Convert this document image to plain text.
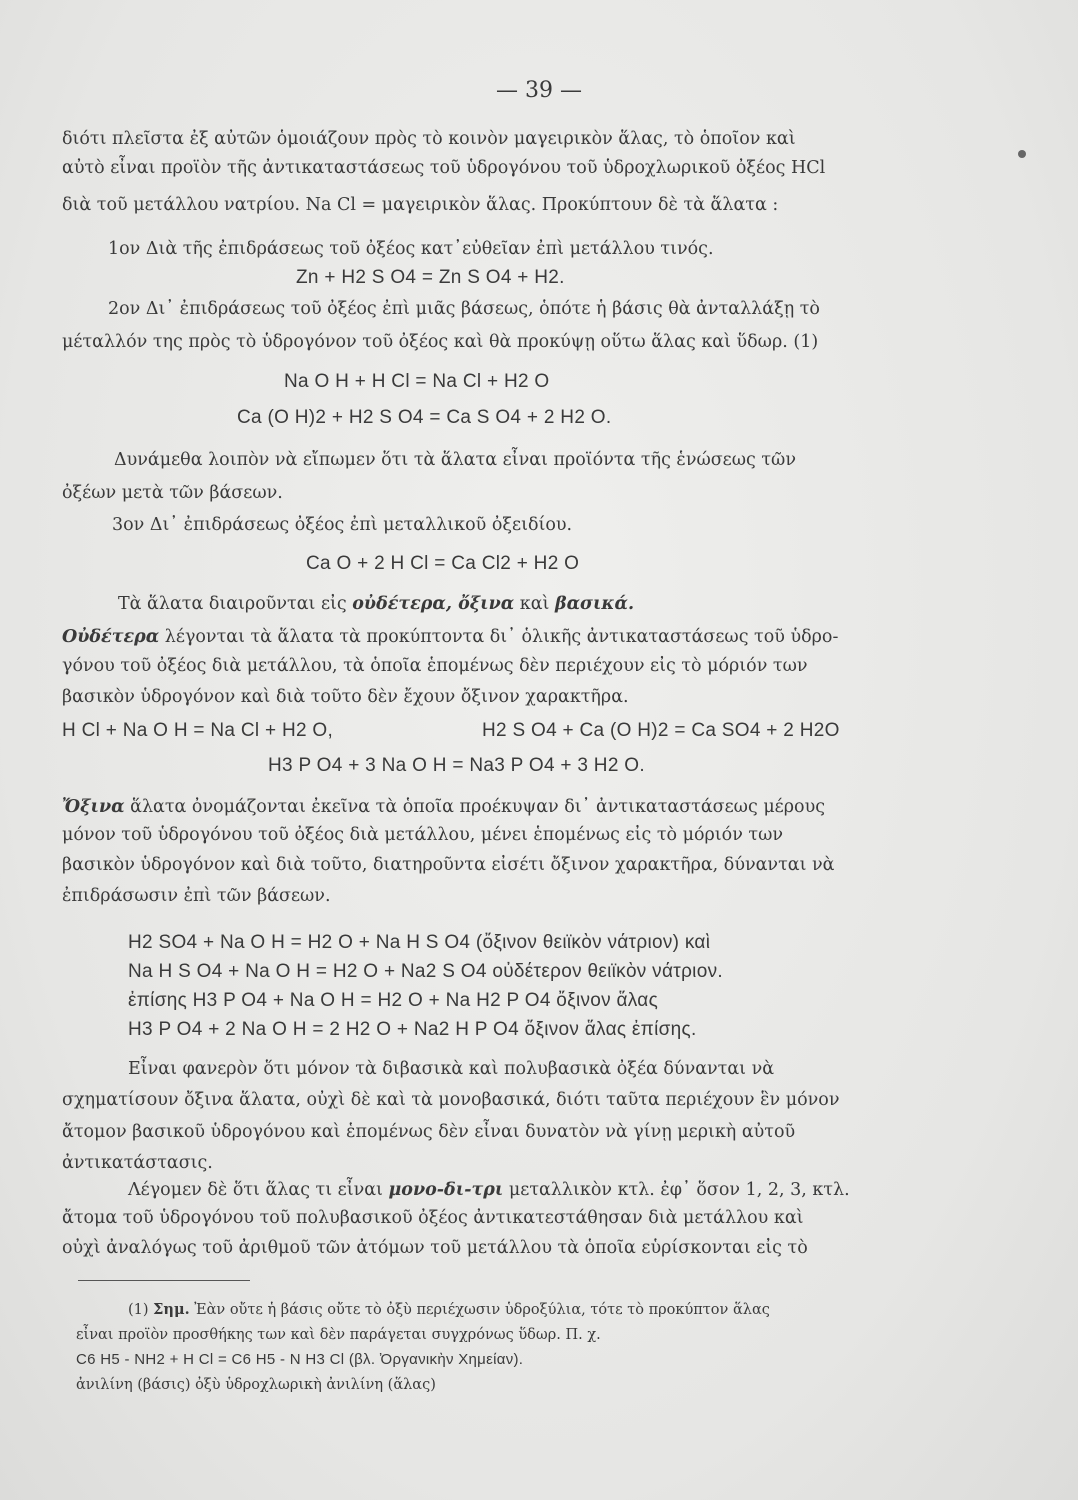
— 39 —
διότι πλεῖστα ἐξ αὐτῶν ὁμοιάζουν πρὸς τὸ κοινὸν μαγειρικὸν ἅλας, τὸ ὁποῖον καὶ
αὐτὸ εἶναι προϊὸν τῆς ἀντικαταστάσεως τοῦ ὑδρογόνου τοῦ ὑδροχλωρικοῦ ὀξέος HCl
διὰ τοῦ μετάλλου νατρίου. Na Cl = μαγειρικὸν ἅλας. Προκύπτουν δὲ τὰ ἅλατα :
1ον Διὰ τῆς ἐπιδράσεως τοῦ ὀξέος κατ᾽εὐθεῖαν ἐπὶ μετάλλου τινός.
Zn + H2 S O4 = Zn S O4 + H2.
2ον Δι᾽ ἐπιδράσεως τοῦ ὀξέος ἐπὶ μιᾶς βάσεως, ὁπότε ἡ βάσις θὰ ἀνταλλάξῃ τὸ
μέταλλόν της πρὸς τὸ ὑδρογόνον τοῦ ὀξέος καὶ θὰ προκύψῃ οὕτω ἅλας καὶ ὕδωρ. (1)
Na O H + H Cl = Na Cl + H2 O
Ca (O H)2 + H2 S O4 = Ca S O4 + 2 H2 O.
Δυνάμεθα λοιπὸν νὰ εἴπωμεν ὅτι τὰ ἅλατα εἶναι προϊόντα τῆς ἑνώσεως τῶν
ὀξέων μετὰ τῶν βάσεων.
3ον Δι᾽ ἐπιδράσεως ὀξέος ἐπὶ μεταλλικοῦ ὀξειδίου.
Ca O + 2 H Cl = Ca Cl2 + H2 O
Τὰ ἅλατα διαιροῦνται εἰς οὐδέτερα, ὄξινα καὶ βασικά.
Οὐδέτερα λέγονται τὰ ἅλατα τὰ προκύπτοντα δι᾽ ὁλικῆς ἀντικαταστάσεως τοῦ ὑδρο-
γόνου τοῦ ὀξέος διὰ μετάλλου, τὰ ὁποῖα ἑπομένως δὲν περιέχουν εἰς τὸ μόριόν των
βασικὸν ὑδρογόνον καὶ διὰ τοῦτο δὲν ἔχουν ὄξινον χαρακτῆρα.
H Cl + Na O H = Na Cl + H2 O,	H2 S O4 + Ca (O H)2 = Ca SO4 + 2 H2O
H3 P O4 + 3 Na O H = Na3 P O4 + 3 H2 O.
Ὄξινα ἅλατα ὀνομάζονται ἐκεῖνα τὰ ὁποῖα προέκυψαν δι᾽ ἀντικαταστάσεως μέρους
μόνον τοῦ ὑδρογόνου τοῦ ὀξέος διὰ μετάλλου, μένει ἑπομένως εἰς τὸ μόριόν των
βασικὸν ὑδρογόνον καὶ διὰ τοῦτο, διατηροῦντα εἰσέτι ὄξινον χαρακτῆρα, δύνανται νὰ
ἐπιδράσωσιν ἐπὶ τῶν βάσεων.
H2 SO4 + Na O H = H2 O + Na H S O4 (ὄξινον θειϊκὸν νάτριον) καὶ
Na H S O4 + Na O H = H2 O + Na2 S O4 οὐδέτερον θειϊκὸν νάτριον.
ἐπίσης H3 P O4 + Na O H = H2 O + Na H2 P O4 ὄξινον ἅλας
H3 P O4 + 2 Na O H = 2 H2 O + Na2 H P O4 ὄξινον ἅλας ἐπίσης.
Εἶναι φανερὸν ὅτι μόνον τὰ διβασικὰ καὶ πολυβασικὰ ὀξέα δύνανται νὰ
σχηματίσουν ὄξινα ἅλατα, οὐχὶ δὲ καὶ τὰ μονοβασικά, διότι ταῦτα περιέχουν ἓν μόνον
ἄτομον βασικοῦ ὑδρογόνου καὶ ἑπομένως δὲν εἶναι δυνατὸν νὰ γίνῃ μερικὴ αὐτοῦ
ἀντικατάστασις.
Λέγομεν δὲ ὅτι ἅλας τι εἶναι μονο-δι-τρι μεταλλικὸν κτλ. ἐφ᾽ ὅσον 1, 2, 3, κτλ.
ἄτομα τοῦ ὑδρογόνου τοῦ πολυβασικοῦ ὀξέος ἀντικατεστάθησαν διὰ μετάλλου καὶ
οὐχὶ ἀναλόγως τοῦ ἀριθμοῦ τῶν ἀτόμων τοῦ μετάλλου τὰ ὁποῖα εὑρίσκονται εἰς τὸ
(1) Σημ. Ἐὰν οὔτε ἡ βάσις οὔτε τὸ ὀξὺ περιέχωσιν ὑδροξύλια, τότε τὸ προκύπτον ἅλας
εἶναι προϊὸν προσθήκης των καὶ δὲν παράγεται συγχρόνως ὕδωρ. Π. χ.
C6 H5 - NH2 + H Cl = C6 H5 - N H3 Cl (βλ. Ὀργανικὴν Χημείαν).
ἀνιλίνη (βάσις) ὀξὺ ὑδροχλωρικὴ ἀνιλίνη (ἅλας)
